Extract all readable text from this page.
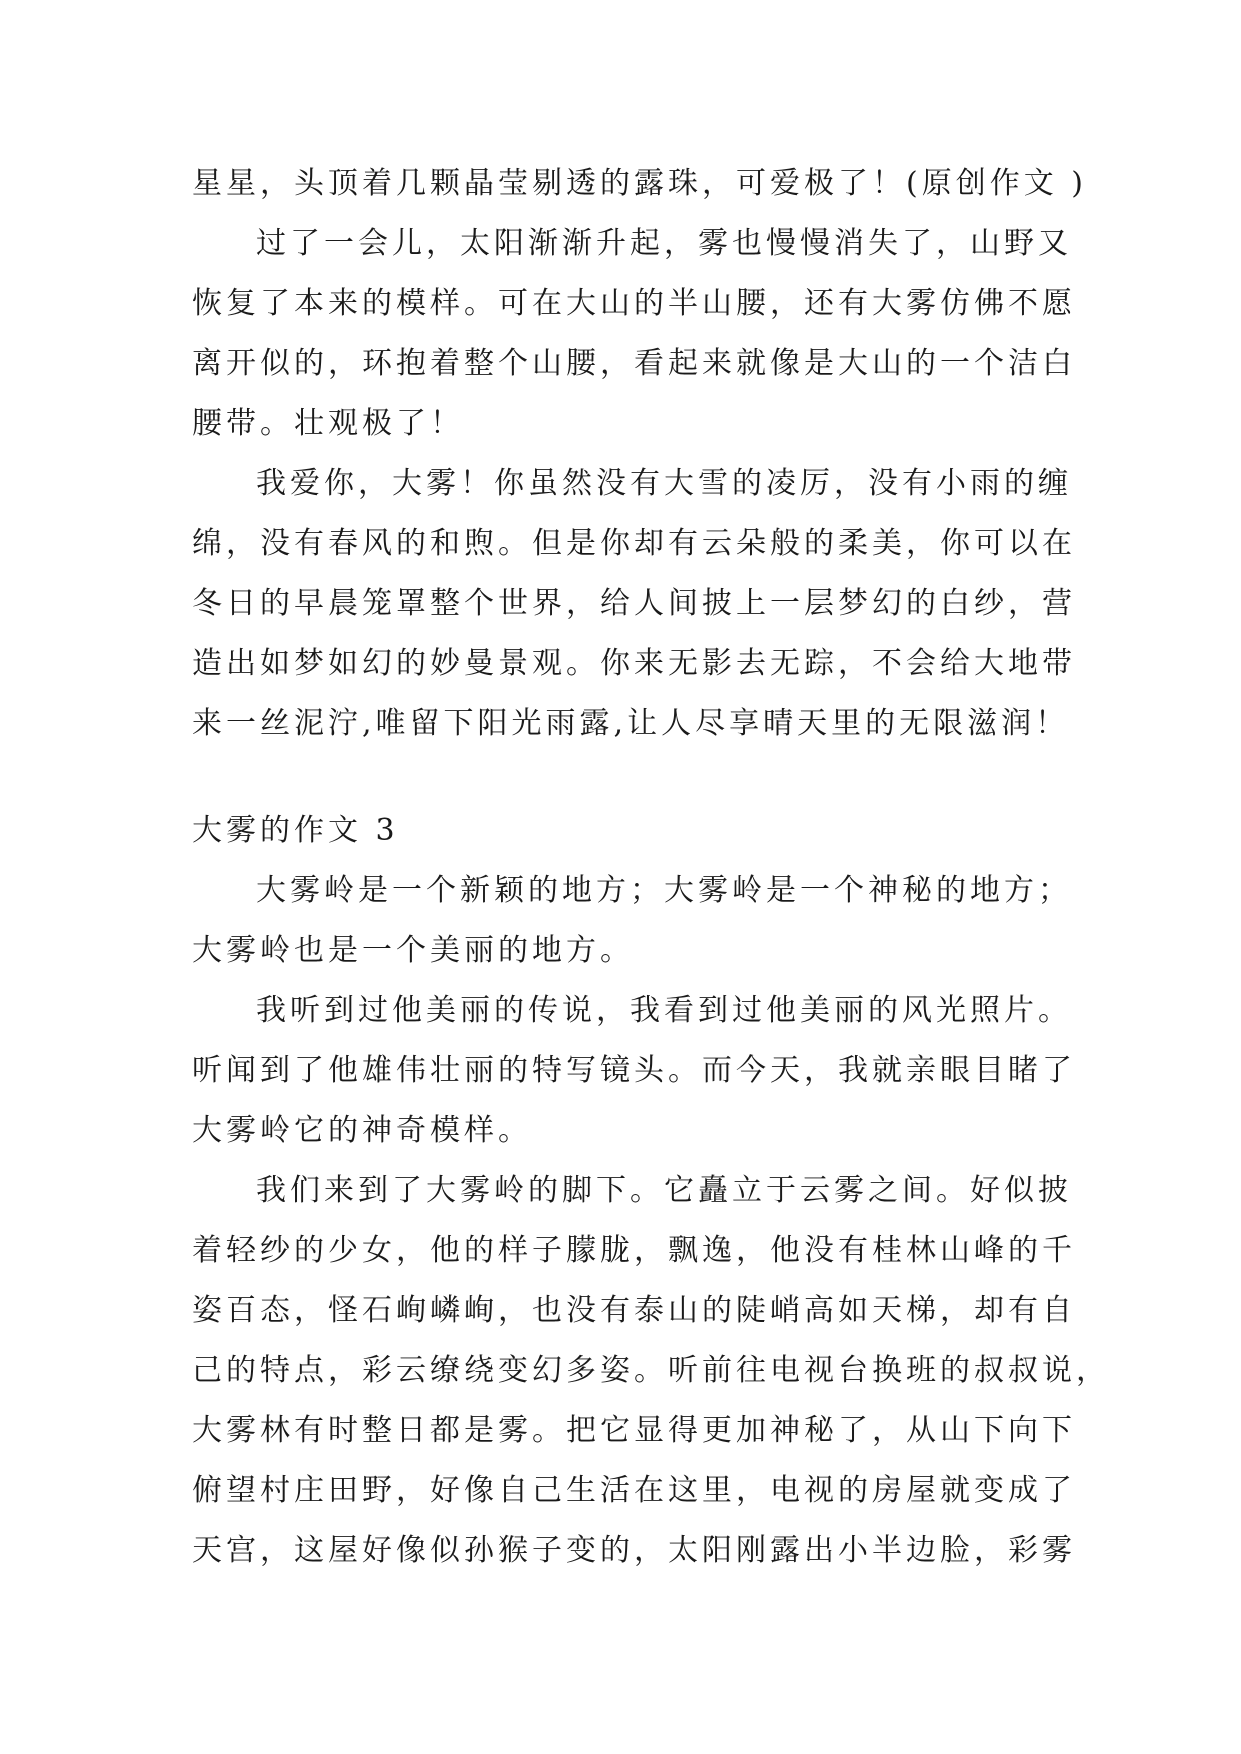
星星，头顶着几颗晶莹剔透的露珠，可爱极了！(原创作文 )
过了一会儿，太阳渐渐升起，雾也慢慢消失了，山野又
恢复了本来的模样。可在大山的半山腰，还有大雾仿佛不愿
离开似的，环抱着整个山腰，看起来就像是大山的一个洁白
腰带。壮观极了！
我爱你，大雾！你虽然没有大雪的凌厉，没有小雨的缠
绵，没有春风的和煦。但是你却有云朵般的柔美，你可以在
冬日的早晨笼罩整个世界，给人间披上一层梦幻的白纱，营
造出如梦如幻的妙曼景观。你来无影去无踪，不会给大地带
来一丝泥泞,唯留下阳光雨露,让人尽享晴天里的无限滋润！
大雾的作文 3
大雾岭是一个新颖的地方；大雾岭是一个神秘的地方；
大雾岭也是一个美丽的地方。
我听到过他美丽的传说，我看到过他美丽的风光照片。
听闻到了他雄伟壮丽的特写镜头。而今天，我就亲眼目睹了
大雾岭它的神奇模样。
我们来到了大雾岭的脚下。它矗立于云雾之间。好似披
着轻纱的少女，他的样子朦胧，飘逸，他没有桂林山峰的千
姿百态，怪石峋嶙峋，也没有泰山的陡峭高如天梯，却有自
己的特点，彩云缭绕变幻多姿。听前往电视台换班的叔叔说，
大雾林有时整日都是雾。把它显得更加神秘了，从山下向下
俯望村庄田野，好像自己生活在这里，电视的房屋就变成了
天宫，这屋好像似孙猴子变的，太阳刚露出小半边脸，彩雾
